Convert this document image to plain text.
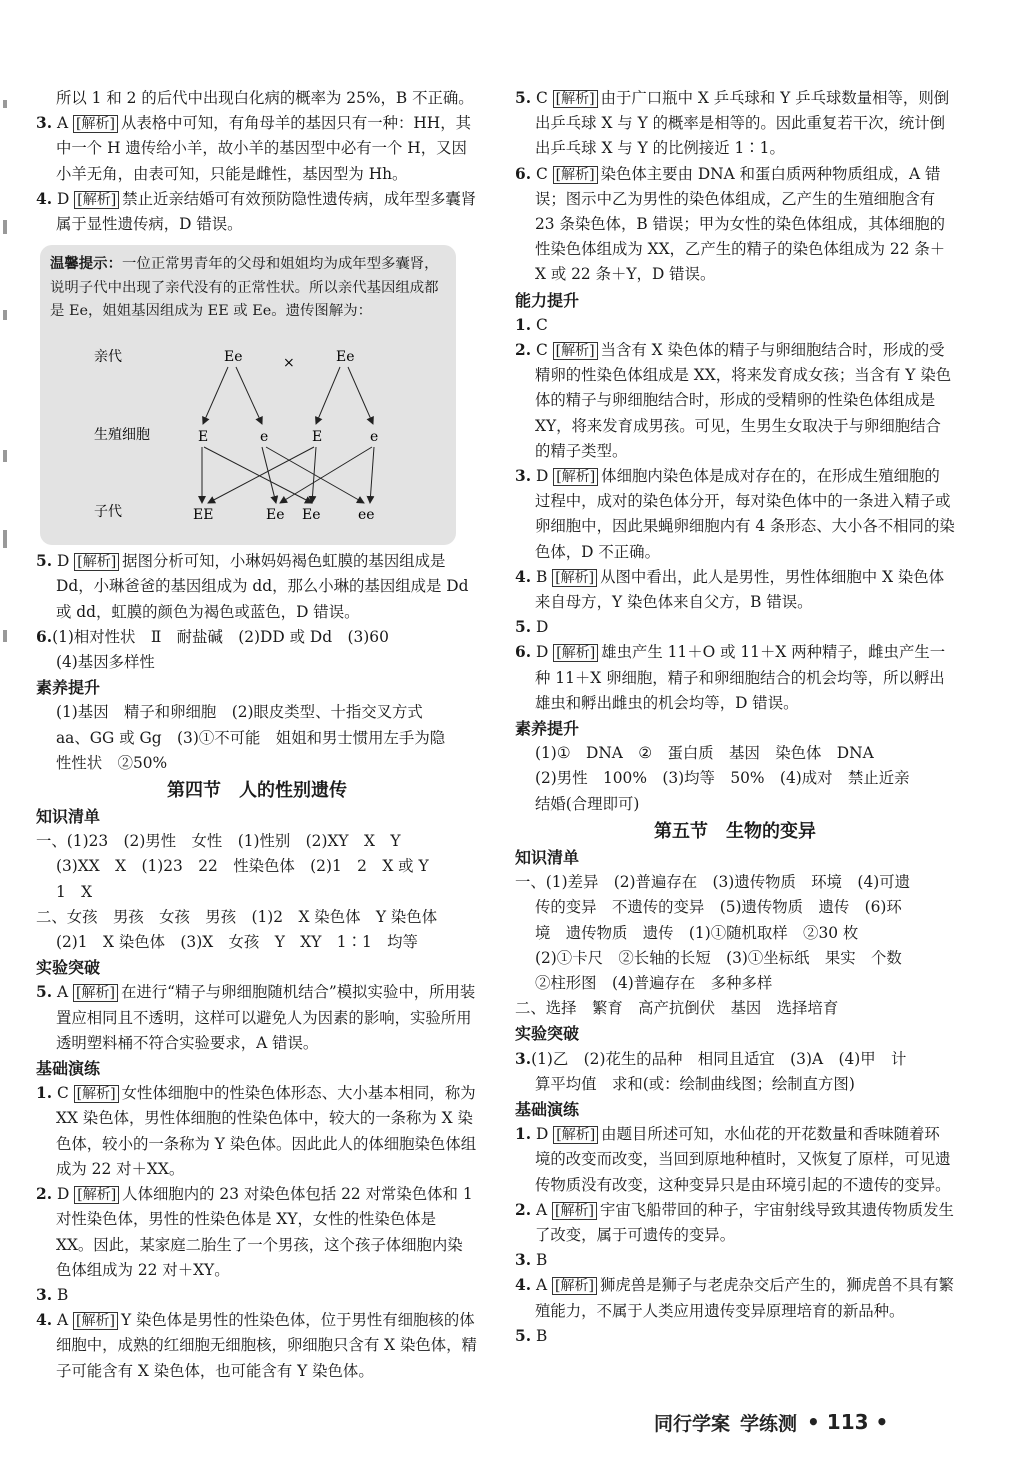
所以 1 和 2 的后代中出现白化病的概率为 25%，B 不正确。

3. A [解析] 从表格中可知，有角母羊的基因只有一种：HH，其中一个 H 遗传给小羊，故小羊的基因型中必有一个 H，又因小羊无角，由表可知，只能是雌性，基因型为 Hh。

4. D [解析] 禁止近亲结婚可有效预防隐性遗传病，成年型多囊肾属于显性遗传病，D 错误。

温馨提示：一位正常男青年的父母和姐姐均为成年型多囊肾，说明子代中出现了亲代没有的正常性状。所以亲代基因组成都是 Ee，姐姐基因组成为 EE 或 Ee。遗传图解为：

亲代
生殖细胞
子代
Ee	×	Ee
E	e	E	e
EE	Ee Ee	ee

5. D [解析] 据图分析可知，小琳妈妈褐色虹膜的基因组成是 Dd，小琳爸爸的基因组成为 dd，那么小琳的基因组成是 Dd 或 dd，虹膜的颜色为褐色或蓝色，D 错误。

6.(1)相对性状　Ⅱ　耐盐碱　(2)DD 或 Dd　(3)60

(4)基因多样性

素养提升

(1)基因　精子和卵细胞　(2)眼皮类型、十指交叉方式

aa、GG 或 Gg　(3)①不可能　姐姐和男士惯用左手为隐

性性状　②50%

第四节　人的性别遗传

知识清单

一、(1)23　(2)男性　女性　(1)性别　(2)XY　X　Y

(3)XX　X　(1)23　22　性染色体　(2)1　2　X 或 Y

1　X

二、女孩　男孩　女孩　男孩　(1)2　X 染色体　Y 染色体

(2)1　X 染色体　(3)X　女孩　Y　XY　1∶1　均等

实验突破

5. A [解析] 在进行“精子与卵细胞随机结合”模拟实验中，所用装置应相同且不透明，这样可以避免人为因素的影响，实验所用透明塑料桶不符合实验要求，A 错误。

基础演练

1. C [解析] 女性体细胞中的性染色体形态、大小基本相同，称为 XX 染色体，男性体细胞的性染色体中，较大的一条称为 X 染色体，较小的一条称为 Y 染色体。因此此人的体细胞染色体组成为 22 对＋XX。

2. D [解析] 人体细胞内的 23 对染色体包括 22 对常染色体和 1 对性染色体，男性的性染色体是 XY，女性的性染色体是 XX。因此，某家庭二胎生了一个男孩，这个孩子体细胞内染色体组成为 22 对＋XY。

3. B

4. A [解析] Y 染色体是男性的性染色体，位于男性有细胞核的体细胞中，成熟的红细胞无细胞核，卵细胞只含有 X 染色体，精子可能含有 X 染色体，也可能含有 Y 染色体。

5. C [解析] 由于广口瓶中 X 乒乓球和 Y 乒乓球数量相等，则倒出乒乓球 X 与 Y 的概率是相等的。因此重复若干次，统计倒出乒乓球 X 与 Y 的比例接近 1∶1。

6. C [解析] 染色体主要由 DNA 和蛋白质两种物质组成，A 错误；图示中乙为男性的染色体组成，乙产生的生殖细胞含有 23 条染色体，B 错误；甲为女性的染色体组成，其体细胞的性染色体组成为 XX，乙产生的精子的染色体组成为 22 条＋X 或 22 条＋Y，D 错误。

能力提升

1. C

2. C [解析] 当含有 X 染色体的精子与卵细胞结合时，形成的受精卵的性染色体组成是 XX，将来发育成女孩；当含有 Y 染色体的精子与卵细胞结合时，形成的受精卵的性染色体组成是 XY，将来发育成男孩。可见，生男生女取决于与卵细胞结合的精子类型。

3. D [解析] 体细胞内染色体是成对存在的，在形成生殖细胞的过程中，成对的染色体分开，每对染色体中的一条进入精子或卵细胞中，因此果蝇卵细胞内有 4 条形态、大小各不相同的染色体，D 不正确。

4. B [解析] 从图中看出，此人是男性，男性体细胞中 X 染色体来自母方，Y 染色体来自父方，B 错误。

5. D

6. D [解析] 雄虫产生 11＋O 或 11＋X 两种精子，雌虫产生一种 11＋X 卵细胞，精子和卵细胞结合的机会均等，所以孵出雄虫和孵出雌虫的机会均等，D 错误。

素养提升

(1)①　DNA　②　蛋白质　基因　染色体　DNA

(2)男性　100%　(3)均等　50%　(4)成对　禁止近亲

结婚(合理即可)

第五节　生物的变异

知识清单

一、(1)差异　(2)普遍存在　(3)遗传物质　环境　(4)可遗

传的变异　不遗传的变异　(5)遗传物质　遗传　(6)环

境　遗传物质　遗传　(1)①随机取样　②30 枚

(2)①卡尺　②长轴的长短　(3)①坐标纸　果实　个数

②柱形图　(4)普遍存在　多种多样

二、选择　繁育　高产抗倒伏　基因　选择培育

实验突破

3.(1)乙　(2)花生的品种　相同且适宜　(3)A　(4)甲　计

算平均值　求和(或：绘制曲线图；绘制直方图)

基础演练

1. D [解析] 由题目所述可知，水仙花的开花数量和香味随着环境的改变而改变，当回到原地种植时，又恢复了原样，可见遗传物质没有改变，这种变异只是由环境引起的不遗传的变异。

2. A [解析] 宇宙飞船带回的种子，宇宙射线导致其遗传物质发生了改变，属于可遗传的变异。

3. B

4. A [解析] 狮虎兽是狮子与老虎杂交后产生的，狮虎兽不具有繁殖能力，不属于人类应用遗传变异原理培育的新品种。

5. B

同行学案 学练测 • 113 •
